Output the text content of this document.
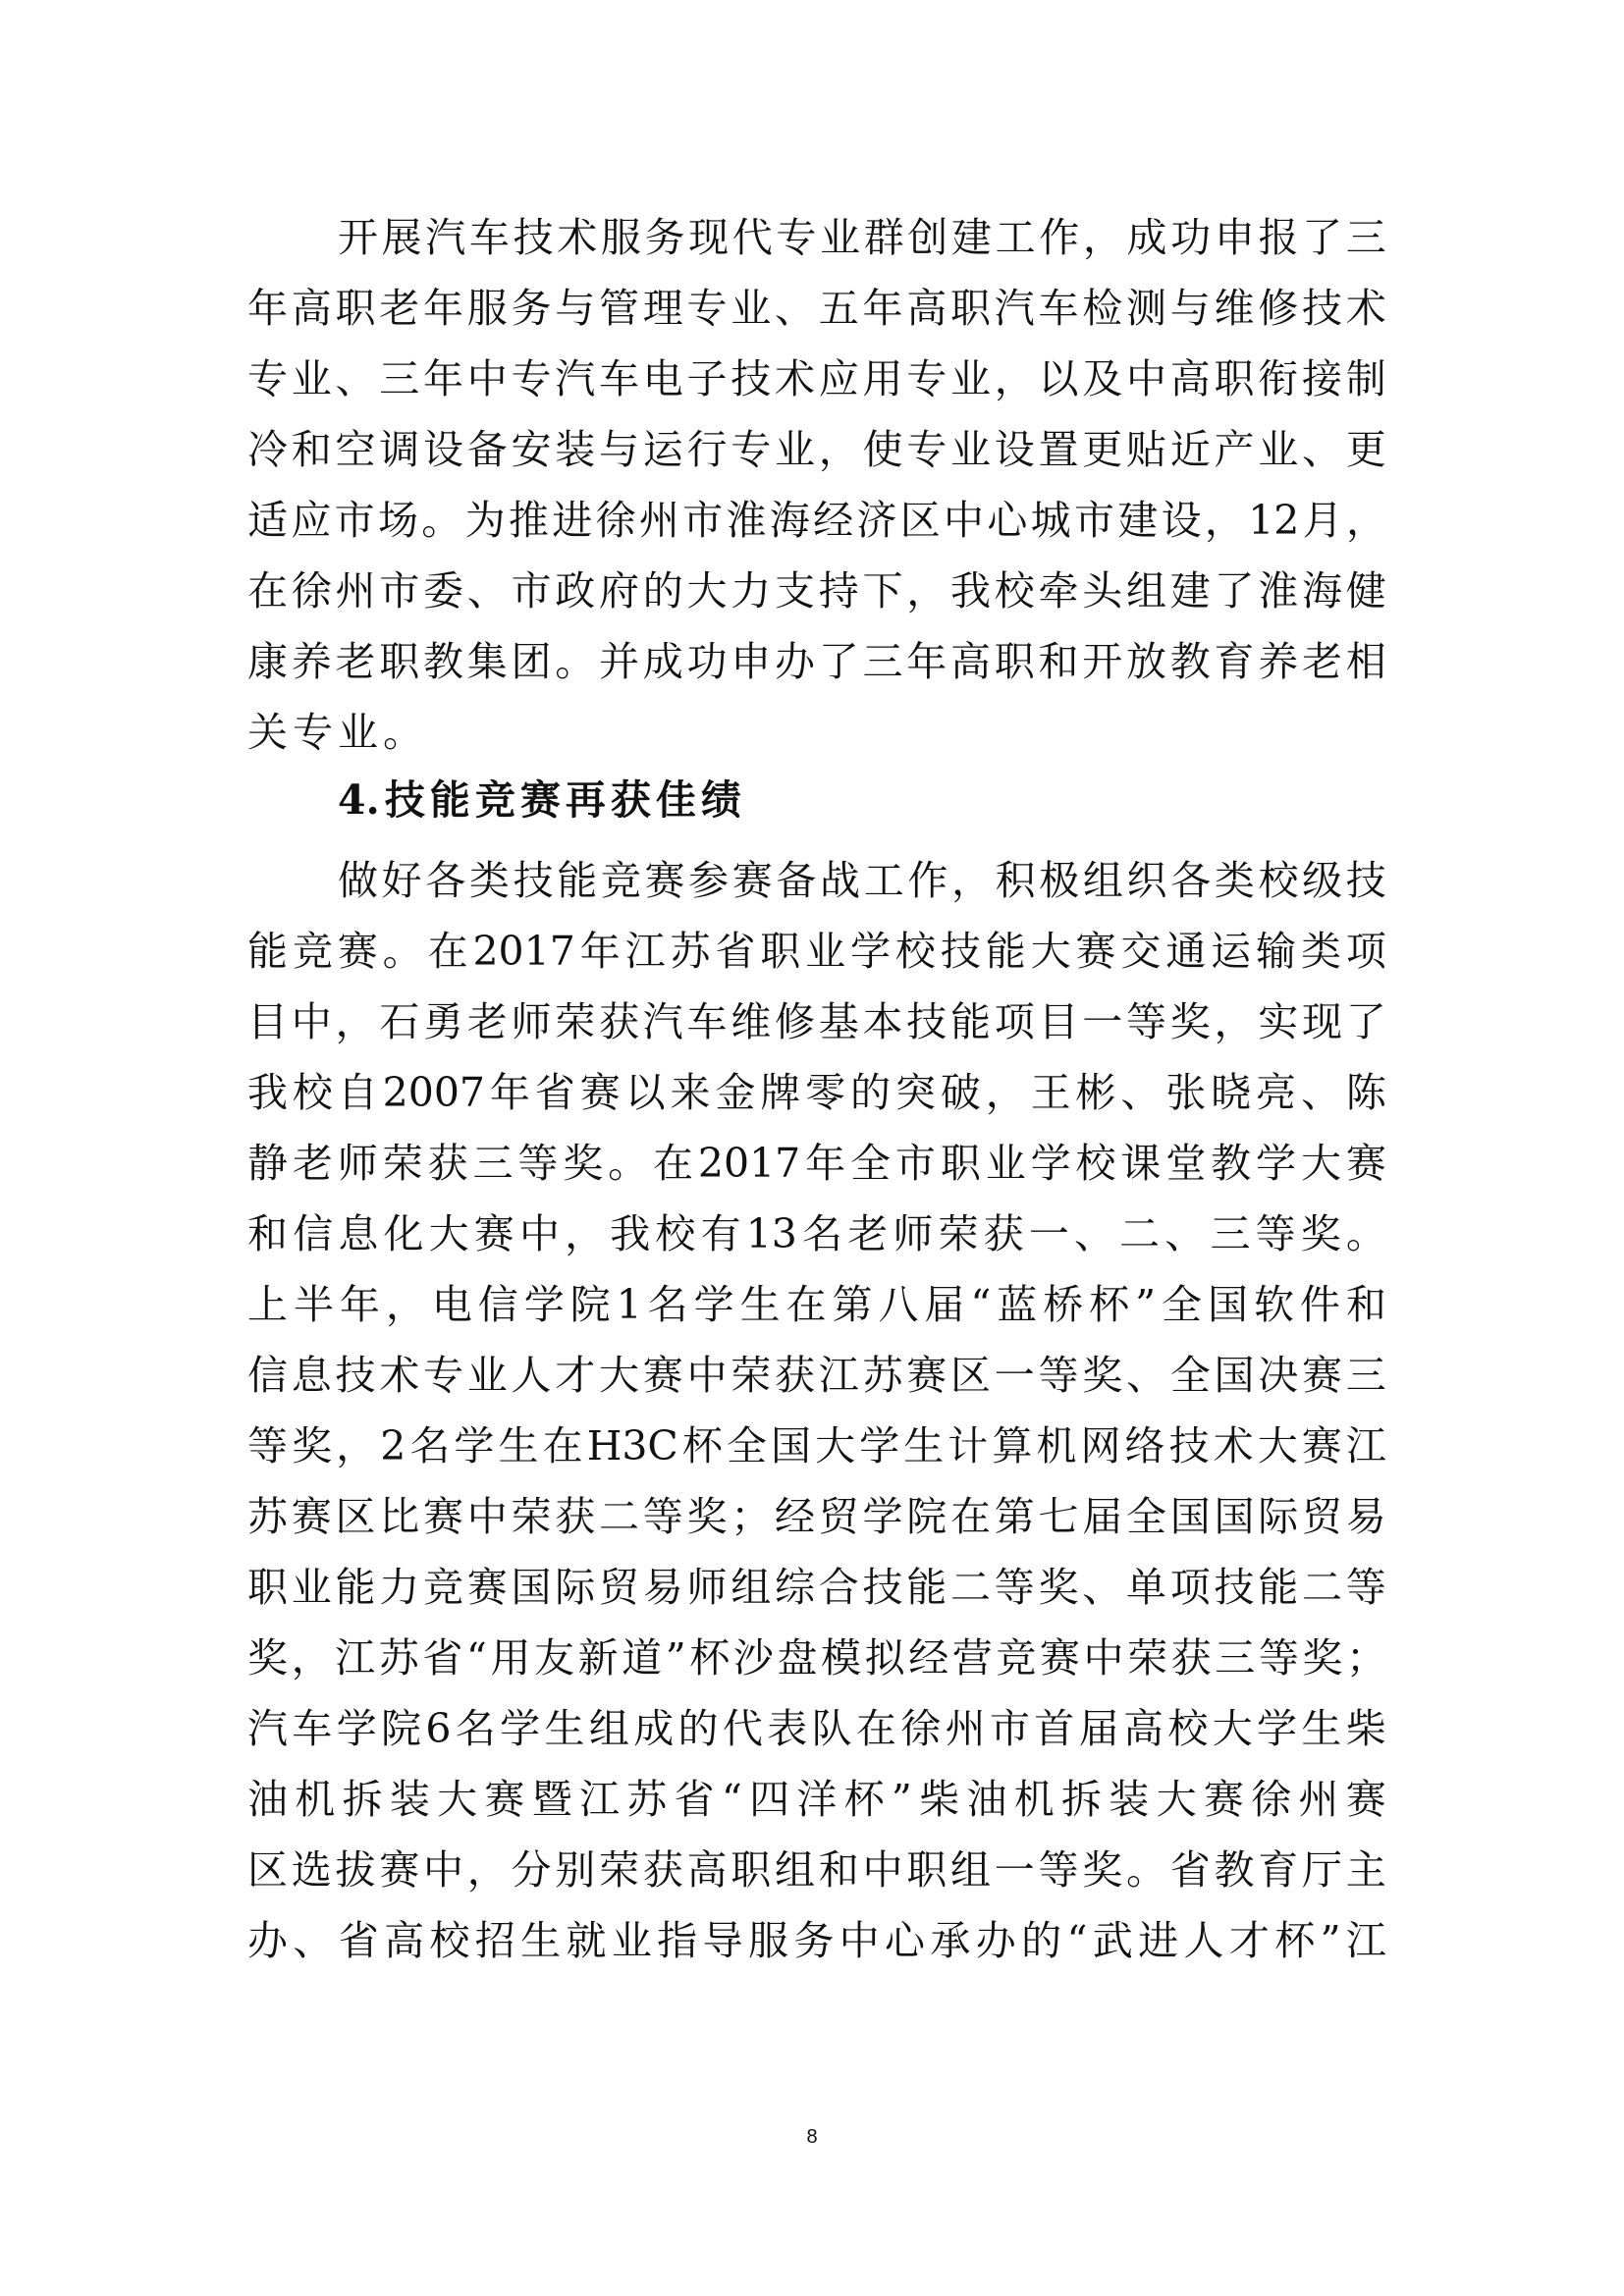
开 展 汽 车 技 术 服 务 现 代 专 业 群 创 建 工 作 ， 成 功 申 报 了 三
年 高 职 老 年 服 务 与 管 理 专 业 、 五 年 高 职 汽 车 检 测 与 维 修 技 术
专 业 、 三 年 中 专 汽 车 电 子 技 术 应 用 专 业 ， 以 及 中 高 职 衔 接 制
冷 和 空 调 设 备 安 装 与 运 行 专 业 ， 使 专 业 设 置 更 贴 近 产 业 、 更
适 应 市 场 。 为 推 进 徐 州 市 淮 海 经 济 区 中 心 城 市 建 设 ， 12 月 ，
在 徐 州 市 委 、 市 政 府 的 大 力 支 持 下 ， 我 校 牵 头 组 建 了 淮 海 健
康 养 老 职 教 集 团 。 并 成 功 申 办 了 三 年 高 职 和 开 放 教 育 养 老 相
关 专 业 。
4. 技 能 竞 赛 再 获 佳 绩
做 好 各 类 技 能 竞 赛 参 赛 备 战 工 作 ， 积 极 组 织 各 类 校 级 技
能 竞 赛 。 在 2017 年 江 苏 省 职 业 学 校 技 能 大 赛 交 通 运 输 类 项
目 中 ， 石 勇 老 师 荣 获 汽 车 维 修 基 本 技 能 项 目 一 等 奖 ， 实 现 了
我 校 自 2007 年 省 赛 以 来 金 牌 零 的 突 破 ， 王 彬 、 张 晓 亮 、 陈
静 老 师 荣 获 三 等 奖 。 在 2017 年 全 市 职 业 学 校 课 堂 教 学 大 赛
和 信 息 化 大 赛 中 ， 我 校 有 13 名 老 师 荣 获 一 、 二 、 三 等 奖 。
上 半 年 ， 电 信 学 院 1 名 学 生 在 第 八 届 “ 蓝 桥 杯 ” 全 国 软 件 和
信 息 技 术 专 业 人 才 大 赛 中 荣 获 江 苏 赛 区 一 等 奖 、 全 国 决 赛 三
等 奖 ， 2 名 学 生 在 H3C 杯 全 国 大 学 生 计 算 机 网 络 技 术 大 赛 江
苏 赛 区 比 赛 中 荣 获 二 等 奖 ； 经 贸 学 院 在 第 七 届 全 国 国 际 贸 易
职 业 能 力 竞 赛 国 际 贸 易 师 组 综 合 技 能 二 等 奖 、 单 项 技 能 二 等
奖 ， 江 苏 省 “ 用 友 新 道 ” 杯 沙 盘 模 拟 经 营 竞 赛 中 荣 获 三 等 奖 ；
汽 车 学 院 6 名 学 生 组 成 的 代 表 队 在 徐 州 市 首 届 高 校 大 学 生 柴
油 机 拆 装 大 赛 暨 江 苏 省 “ 四 洋 杯 ” 柴 油 机 拆 装 大 赛 徐 州 赛
区 选 拔 赛 中 ， 分 别 荣 获 高 职 组 和 中 职 组 一 等 奖 。 省 教 育 厅 主
办 、 省 高 校 招 生 就 业 指 导 服 务 中 心 承 办 的 “ 武 进 人 才 杯 ” 江
8
